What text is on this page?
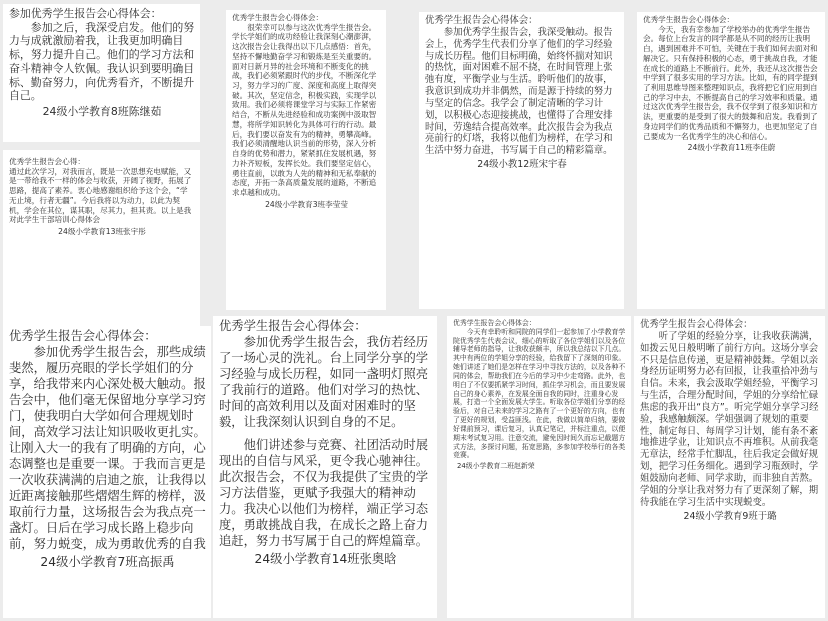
参加优秀学生报告会心得体会：
参加之后，我深受启发。他们的努力与成就激励着我，让我更加明确目标，努力提升自己。他们的学习方法和奋斗精神令人钦佩。我认识到要明确目标、勤奋努力，向优秀看齐，不断提升自己。
24级小学教育8班陈继茹
优秀学生报告会心得：
通过此次学习，对我而言，既是一次思想充电赋能，又是一带给我不一样的体会与收获，开阔了视野，拓展了思路，提高了素养。衷心地感谢组织给予这个会，“学无止境，行者无疆”。今后我将以为动力，以此为契机，学会在其位，谋其职，尽其力，担其责。以上是我对此学生干部培训心得体会
24级小学教育13班张宇彤
优秀学生报告会心得体会：
很荣幸可以参与这次优秀学生报告会。学长学姐们的成功经验让我深刻心潮澎湃，这次报告会让我得出以下几点感悟：首先，坚持不懈地勤奋学习和锻炼是至关重要的。面对日新月异的社会环境和不断变化的挑战，我们必须紧跟时代的步伐，不断深化学习，努力学习的广度、深度和高度上取得突破。其次，坚定信念，积极实践，实现学以致用。我们必须将课堂学习与实际工作紧密结合，不断从先进经验和成功案例中汲取智慧，将所学知识转化为具体可行的行动。最后，我们要以奋发有为的精神，勇攀高峰。我们必须清醒地认识当前的形势，深入分析自身的优势和潜力，紧紧抓住发展机遇，努力补齐短板，发挥长处。我们要坚定信心，勇往直前，以敢为人先的精神和无私奉献的态度，开拓一条高质量发展的道路，不断追求卓越和成功。
24级小学教育3班李莹莹
优秀学生报告会心得体会：
参加优秀学生报告会，我深受触动。报告会上，优秀学生代表们分享了他们的学习经验与成长历程。他们目标明确，始终怀揣对知识的热忱，面对困难不屈不挠，在时间管理上张弛有度，平衡学业与生活。聆听他们的故事，我意识到成功并非偶然，而是源于持续的努力与坚定的信念。我学会了制定清晰的学习计划，以积极心态迎接挑战，也懂得了合理安排时间，劳逸结合提高效率。此次报告会为我点亮前行的灯塔，我将以他们为榜样，在学习和生活中努力奋进，书写属于自己的精彩篇章。
24级小教12班宋宇春
优秀学生报告会心得体会：
今天，我有幸参加了学校举办的优秀学生报告会。每位上台发言的同学都是从不同的经历让我明白，遇到困难并不可怕，关键在于我们如何去面对和解决它。只有保持积极的心态，勇于挑战自我，才能在成长的道路上不断前行。此外，我还从这次报告会中学到了很多实用的学习方法。比如，有的同学提到了利用思维导图来整理知识点，我将把它们应用到自己的学习中去，不断提高自己的学习效率和质量。通过这次优秀学生报告会，我不仅学到了很多知识和方法，更重要的是受到了很大的鼓舞和启发。我看到了身边同学们的优秀品质和不懈努力，也更加坚定了自己要成为一名优秀学生的决心和信心。
24级小学教育11班李佳蔚
优秀学生报告会心得体会：
参加优秀学生报告会，那些成绩斐然，履历亮眼的学长学姐们的分享，给我带来内心深处极大触动。报告会中，他们毫无保留地分享学习窍门，使我明白大学如何合理规划时间，高效学习法让知识吸收更扎实。让刚入大一的我有了明确的方向，心态调整也是重要一课。于我而言更是一次收获满满的启迪之旅，让我得以近距离接触那些熠熠生辉的榜样，汲取前行力量，这场报告会为我点亮一盏灯。日后在学习成长路上稳步向前，努力蜕变，成为勇敢优秀的自我
24级小学教育7班高振禹
优秀学生报告会心得体会：
参加优秀学生报告会，我仿若经历了一场心灵的洗礼。台上同学分享的学习经验与成长历程，如同一盏明灯照亮了我前行的道路。他们对学习的热忱、时间的高效利用以及面对困难时的坚毅，让我深刻认识到自身的不足。
他们讲述参与竞赛、社团活动时展现出的自信与风采，更令我心驰神往。此次报告会，不仅为我提供了宝贵的学习方法借鉴，更赋予我强大的精神动力。我决心以他们为榜样，端正学习态度，勇敢挑战自我，在成长之路上奋力追赶，努力书写属于自己的辉煌篇章。
24级小学教育14班张奥晗
优秀学生报告会心得体会：
今天有幸聆听和同院的同学们一起参加了小学教育学院优秀学生代表会议，细心的听取了各位学姐们以及各位辅导老师的指导，让我收获颇丰，所以我总结以下几点。其中有两位的学姐分享的经验，给我留下了深刻的印象。她们讲述了她们是怎样在学习中寻找方法的，以及各种不同的体会，帮助我们在今后的学习中少走弯路。此外，也明白了不仅要抓紧学习时间，抓住学习机会，而且要发展自己的身心素养，在发展全面自我的同时，注重身心发展，打造一个全面发展大学生。听取各位学姐们分享的经验后，对自己未来的学习之路有了一个更好的方向，也有了更好的规划，受益匪浅。在此，我做以简单归纳，要做好课前预习，课后复习，认真记笔记，并标注重点，以便期末考试复习用。注意交流，避免因时间久而忘记截题方式方法，多探讨问题，拓宽思路，多参加学校举行的各类竞赛。
24级小学教育二班赵新荣
优秀学生报告会心得体会：
听了学姐的经验分享，让我收获满满，如拨云见日般明晰了前行方向。这场分享会不只是信息传递，更是精神鼓舞。学姐以亲身经历证明努力必有回报，让我重拾冲劲与自信。未来，我会汲取学姐经验，平衡学习与生活，合理分配时间，学姐的分享给忙碌焦虑的我开出“良方”。听完学姐分享学习经验，我感触颇深。学姐强调了规划的重要性，制定每日、每周学习计划，能有条不紊地推进学业，让知识点不再堆积。从前我毫无章法，经常手忙脚乱，往后我定会做好规划，把学习任务细化。遇到学习瓶颈时，学姐鼓励向老师、同学求助，而非独自苦熬。学姐的分享让我对努力有了更深刻了解，期待我能在学习生活中实现蜕变。
24级小学教育9班于璐
